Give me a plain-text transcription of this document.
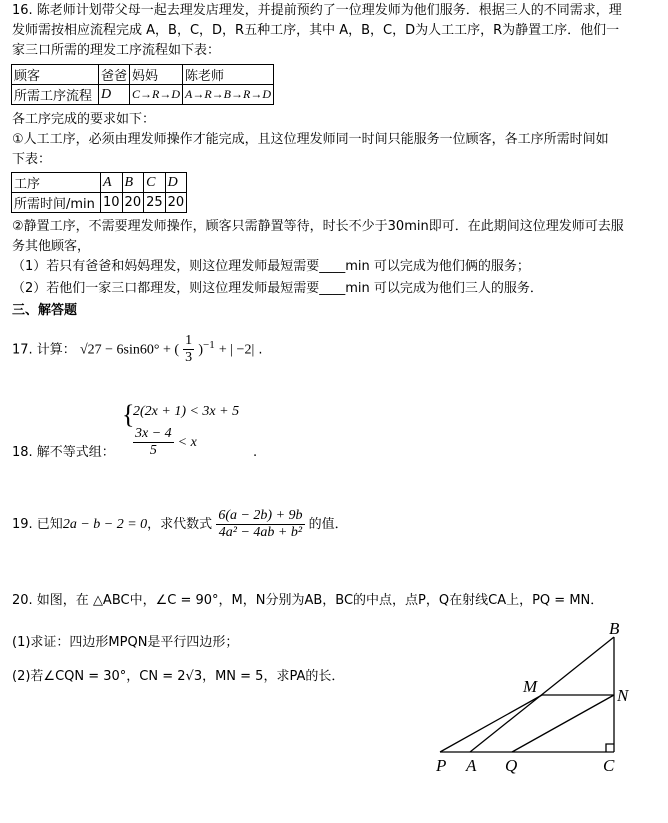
16. 陈老师计划带父母一起去理发店理发，并提前预约了一位理发师为他们服务．根据三人的不同需求，理
发师需按相应流程完成 A，B，C，D，R五种工序，其中 A，B，C，D为人工工序，R为静置工序．他们一
家三口所需的理发工序流程如下表：
顾客	爸爸	妈妈	陈老师
所需工序流程	D	C→R→D	A→R→B→R→D
各工序完成的要求如下：
①人工工序，必须由理发师操作才能完成，且这位理发师同一时间只能服务一位顾客，各工序所需时间如
下表：
工序	A	B	C	D
所需时间/min	10	20	25	20
②静置工序，不需要理发师操作，顾客只需静置等待，时长不少于30min即可．在此期间这位理发师可去服
务其他顾客，
（1）若只有爸爸和妈妈理发，则这位理发师最短需要____min 可以完成为他们俩的服务；
（2）若他们一家三口都理发，则这位理发师最短需要____min 可以完成为他们三人的服务．
三、解答题
17. 计算： √27 − 6sin60° + ( $\frac{1}{3} )^{-1}$ + | −2| .
18. 解不等式组：
{
2(2x + 1) < 3x + 5
$\frac{3x - 4}{5} < x$
.
19. 已知2a − b − 2 = 0，求代数式 $\frac{6(a - 2b) + 9b}{\text{4a² − 4ab + b²}}$ 的值．
20. 如图，在 △ABC中，∠C = 90°，M，N分别为AB，BC的中点，点P，Q在射线CA上，PQ = MN．
(1)求证：四边形MPQN是平行四边形；
(2)若∠CQN = 30°，CN = 2√3，MN = 5，求PA的长．
B
M	N
P A Q	C
